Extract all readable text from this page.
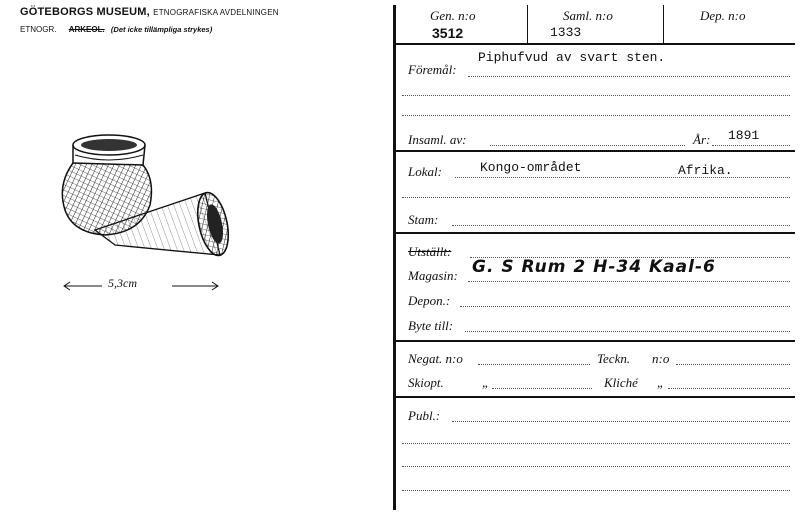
GÖTEBORGS MUSEUM, ETNOGRAFISKA AVDELNINGEN
ETNOGR. ARKEOL. (Det icke tillämpliga strykes)
5,3cm
Gen. n:o
3512
Saml. n:o
1333
Dep. n:o
Föremål:
Piphufvud av svart sten.
Insaml. av:	År: 1891
Lokal:	Kongo-området	Afrika.
Stam:
Utställt:
Magasin: G. S Rum 2 H-34 Kaal-6
Depon.:
Byte till:
Negat. n:o	Teckn. n:o
Skiopt.	„	Kliché „
Publ.:
